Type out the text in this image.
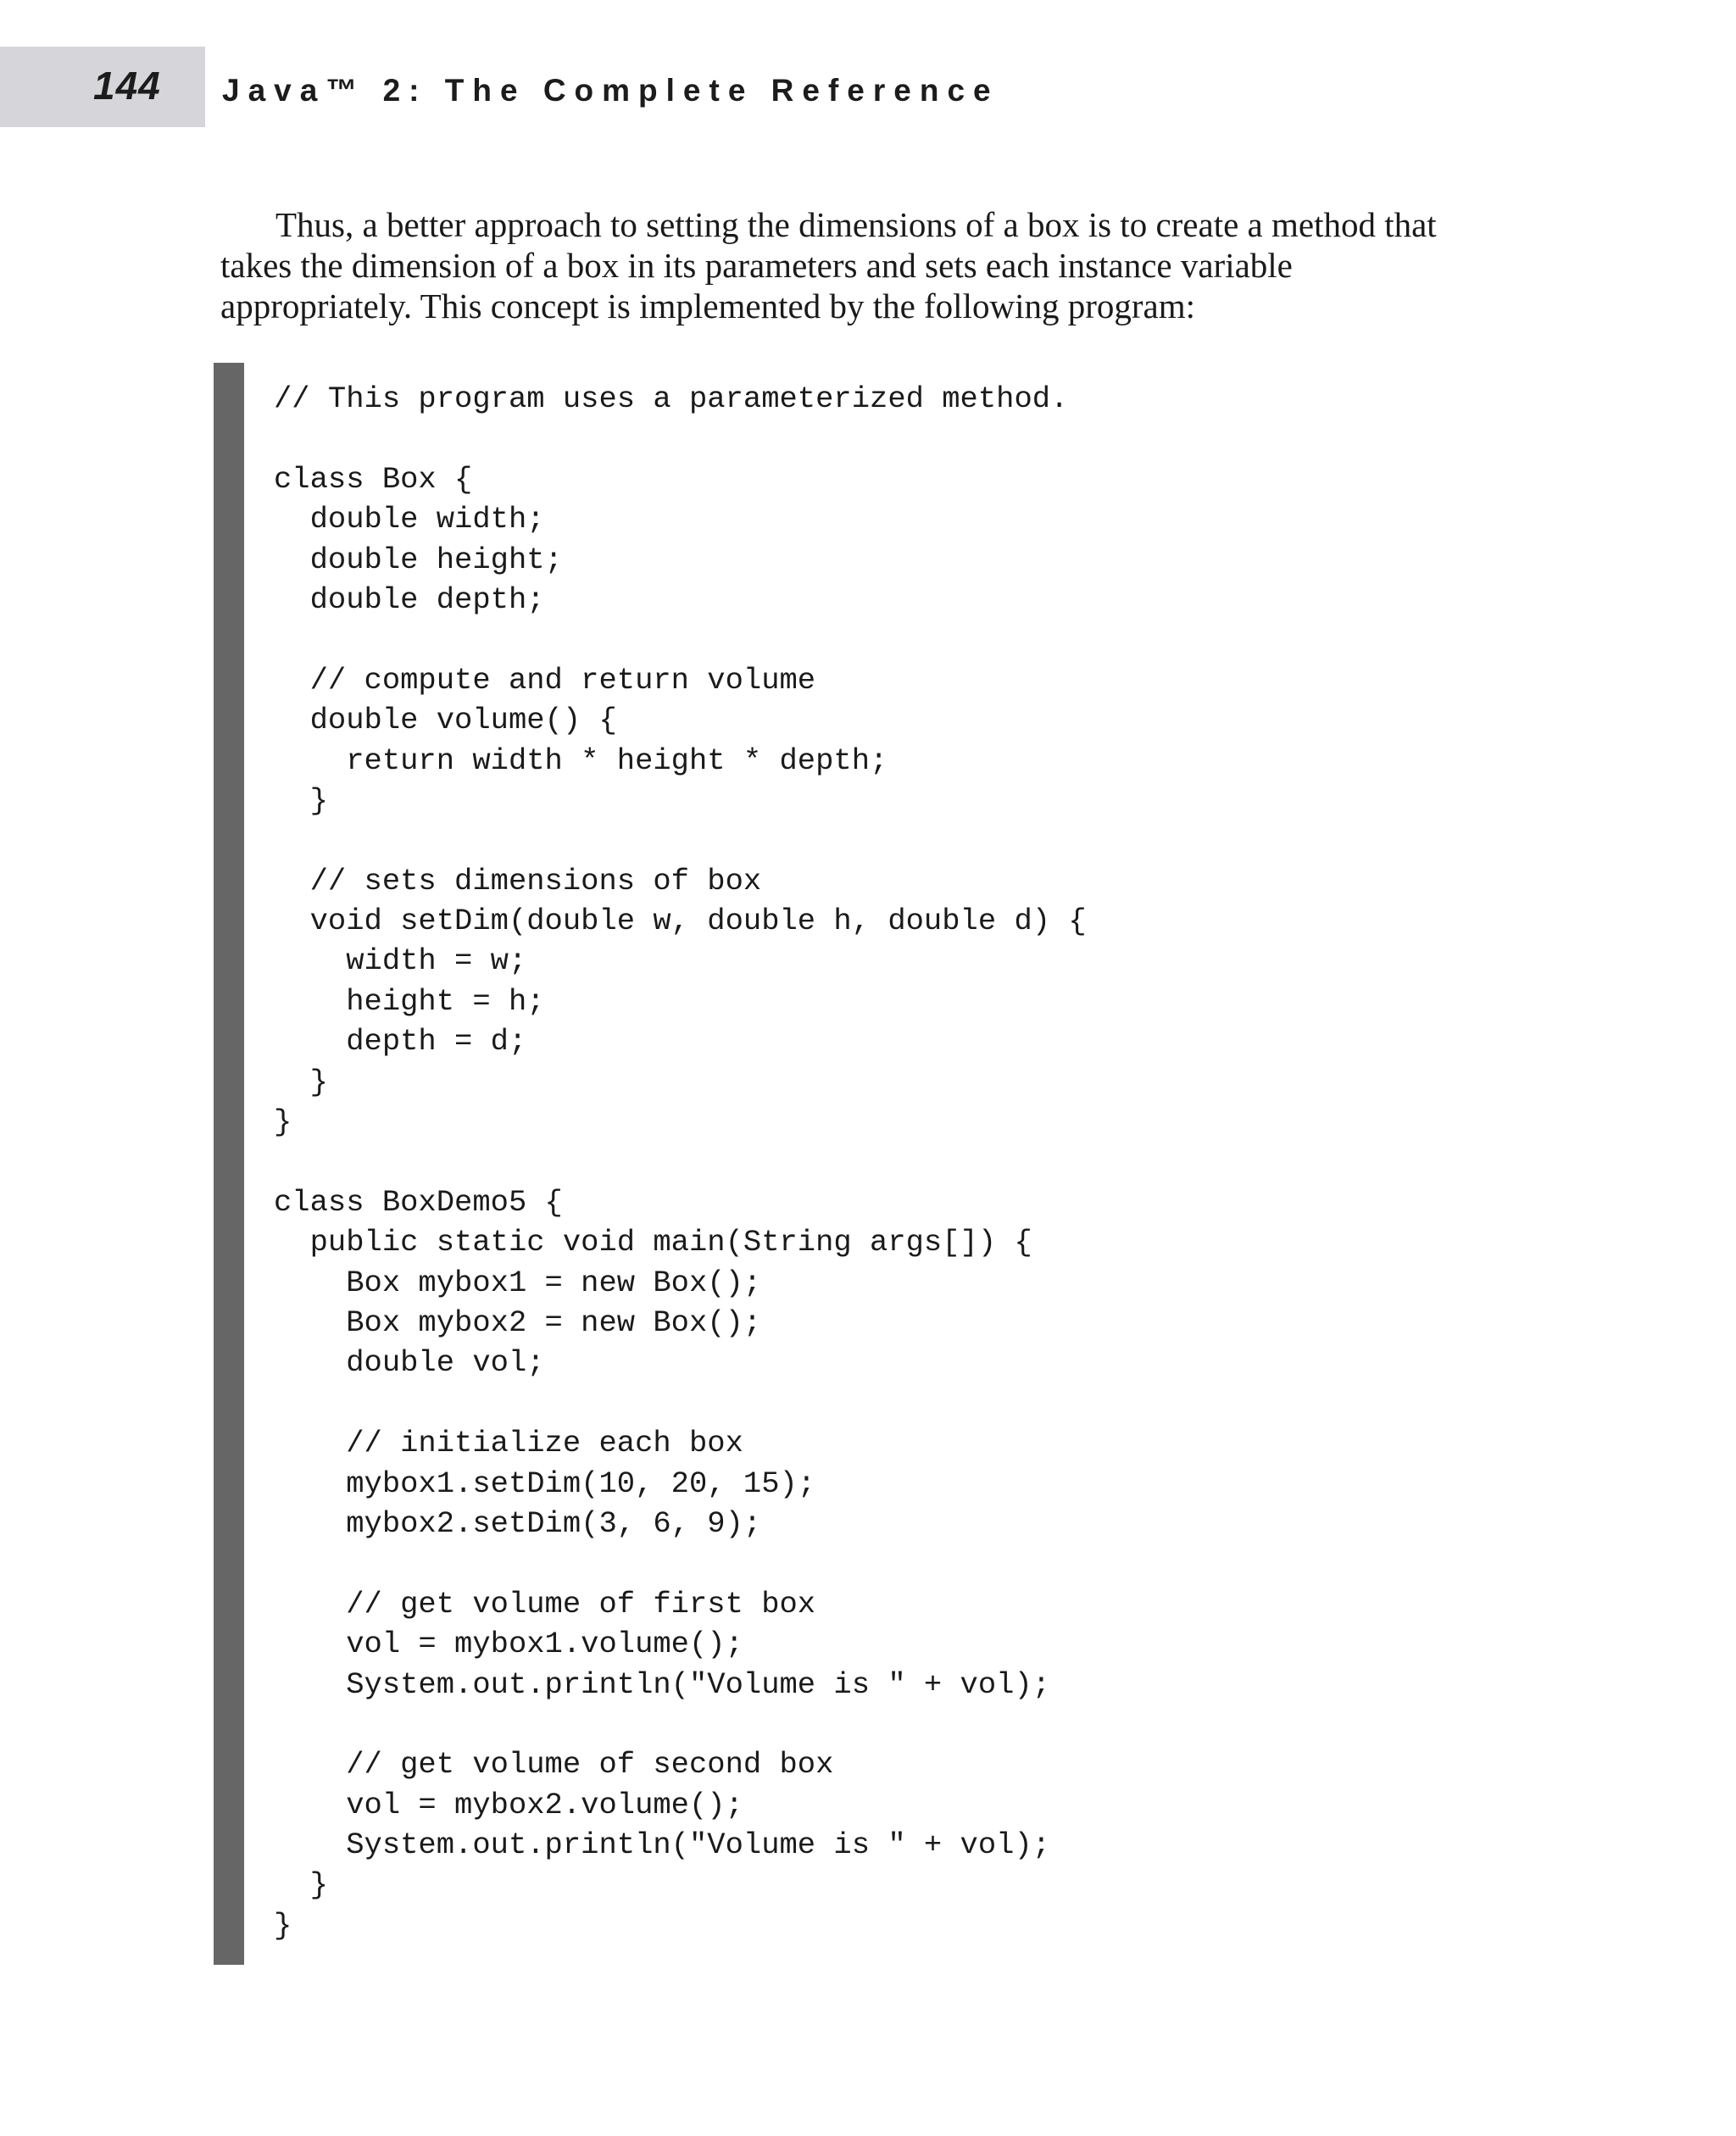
144 Java™ 2: The Complete Reference

Thus, a better approach to setting the dimensions of a box is to create a method that takes the dimension of a box in its parameters and sets each instance variable appropriately. This concept is implemented by the following program:

// This program uses a parameterized method.
class Box {
double width;
double height;
double depth;
// compute and return volume
double volume() {
return width * height * depth;
}
// sets dimensions of box
void setDim(double w, double h, double d) {
width = w;
height = h;
depth = d;
}
}
class BoxDemo5 {
public static void main(String args[]) {
Box mybox1 = new Box();
Box mybox2 = new Box();
double vol;
// initialize each box
mybox1.setDim(10, 20, 15);
mybox2.setDim(3, 6, 9);
// get volume of first box
vol = mybox1.volume();
System.out.println("Volume is " + vol);
// get volume of second box
vol = mybox2.volume();
System.out.println("Volume is " + vol);
}
}
